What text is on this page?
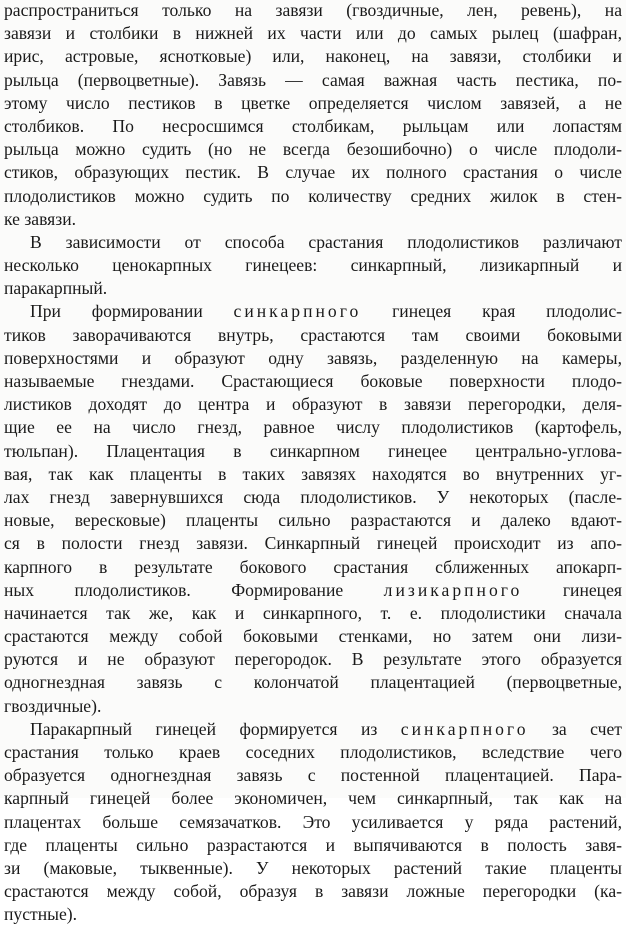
распространиться только на завязи (гвоздичные, лен, ревень), на
завязи и столбики в нижней их части или до самых рылец (шафран,
ирис, астровые, яснотковые) или, наконец, на завязи, столбики и
рыльца (первоцветные). Завязь — самая важная часть пестика, по-
этому число пестиков в цветке определяется числом завязей, а не
столбиков. По несросшимся столбикам, рыльцам или лопастям
рыльца можно судить (но не всегда безошибочно) о числе плодоли-
стиков, образующих пестик. В случае их полного срастания о числе
плодолистиков можно судить по количеству средних жилок в стен-
ке завязи.
В зависимости от способа срастания плодолистиков различают
несколько ценокарпных гинецеев: синкарпный, лизикарпный и
паракарпный.
При формировании синкарпного гинецея края плодолис-
тиков заворачиваются внутрь, срастаются там своими боковыми
поверхностями и образуют одну завязь, разделенную на камеры,
называемые гнездами. Срастающиеся боковые поверхности плодо-
листиков доходят до центра и образуют в завязи перегородки, деля-
щие ее на число гнезд, равное числу плодолистиков (картофель,
тюльпан). Плацентация в синкарпном гинецее центрально-углова-
вая, так как плаценты в таких завязях находятся во внутренних уг-
лах гнезд завернувшихся сюда плодолистиков. У некоторых (пасле-
новые, вересковые) плаценты сильно разрастаются и далеко вдают-
ся в полости гнезд завязи. Синкарпный гинецей происходит из апо-
карпного в результате бокового срастания сближенных апокарп-
ных плодолистиков. Формирование лизикарпного гинецея
начинается так же, как и синкарпного, т. е. плодолистики сначала
срастаются между собой боковыми стенками, но затем они лизи-
руются и не образуют перегородок. В результате этого образуется
одногнездная завязь с колончатой плацентацией (первоцветные,
гвоздичные).
Паракарпный гинецей формируется из синкарпного за счет
срастания только краев соседних плодолистиков, вследствие чего
образуется одногнездная завязь с постенной плацентацией. Пара-
карпный гинецей более экономичен, чем синкарпный, так как на
плацентах больше семязачатков. Это усиливается у ряда растений,
где плаценты сильно разрастаются и выпячиваются в полость завя-
зи (маковые, тыквенные). У некоторых растений такие плаценты
срастаются между собой, образуя в завязи ложные перегородки (ка-
пустные).
